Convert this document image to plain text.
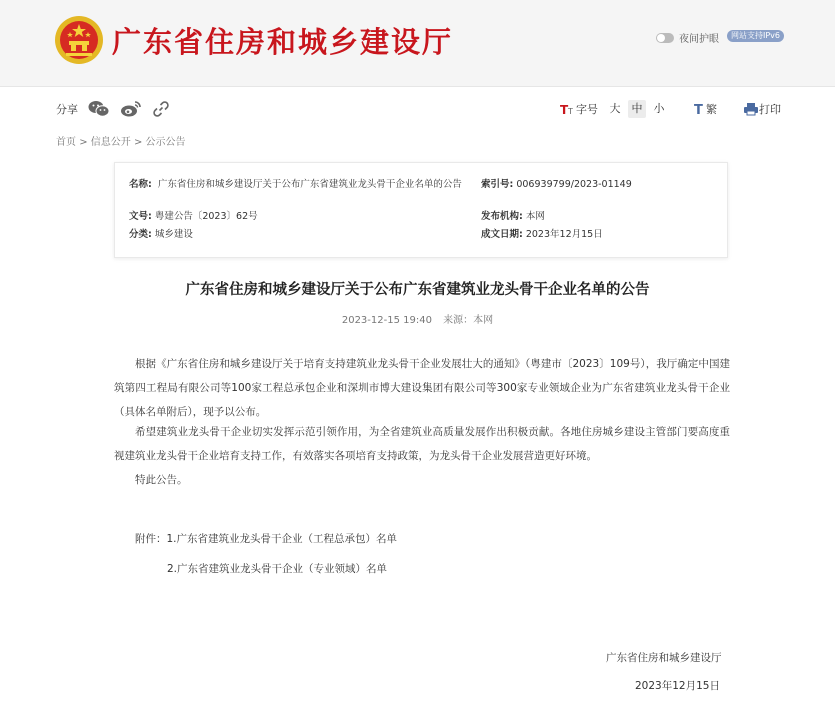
广东省住房和城乡建设厅	夜间护眼	网站支持IPv6
分享	T T 字号	大	中	小 T 繁	打印
首页 > 信息公开 > 公示公告
名称: 广东省住房和城乡建设厅关于公布广东省建筑业龙头骨干企业名单的公告 索引号: 006939799/2023-01149
文号: 粤建公告〔2023〕62号	发布机构: 本网
分类: 城乡建设	成文日期: 2023年12月15日
广东省住房和城乡建设厅关于公布广东省建筑业龙头骨干企业名单的公告
2023-12-15 19:40 来源：本网
根据《广东省住房和城乡建设厅关于培育支持建筑业龙头骨干企业发展壮大的通知》（粤建市〔2023〕109号），我厅确定中国建筑第四工程局有限公司等100家工程总承包企业和深圳市博大建设集团有限公司等300家专业领域企业为广东省建筑业龙头骨干企业（具体名单附后），现予以公布。
希望建筑业龙头骨干企业切实发挥示范引领作用，为全省建筑业高质量发展作出积极贡献。各地住房城乡建设主管部门要高度重视建筑业龙头骨干企业培育支持工作，有效落实各项培育支持政策，为龙头骨干企业发展营造更好环境。
特此公告。
附件：1.广东省建筑业龙头骨干企业（工程总承包）名单
2.广东省建筑业龙头骨干企业（专业领域）名单
广东省住房和城乡建设厅
2023年12月15日
